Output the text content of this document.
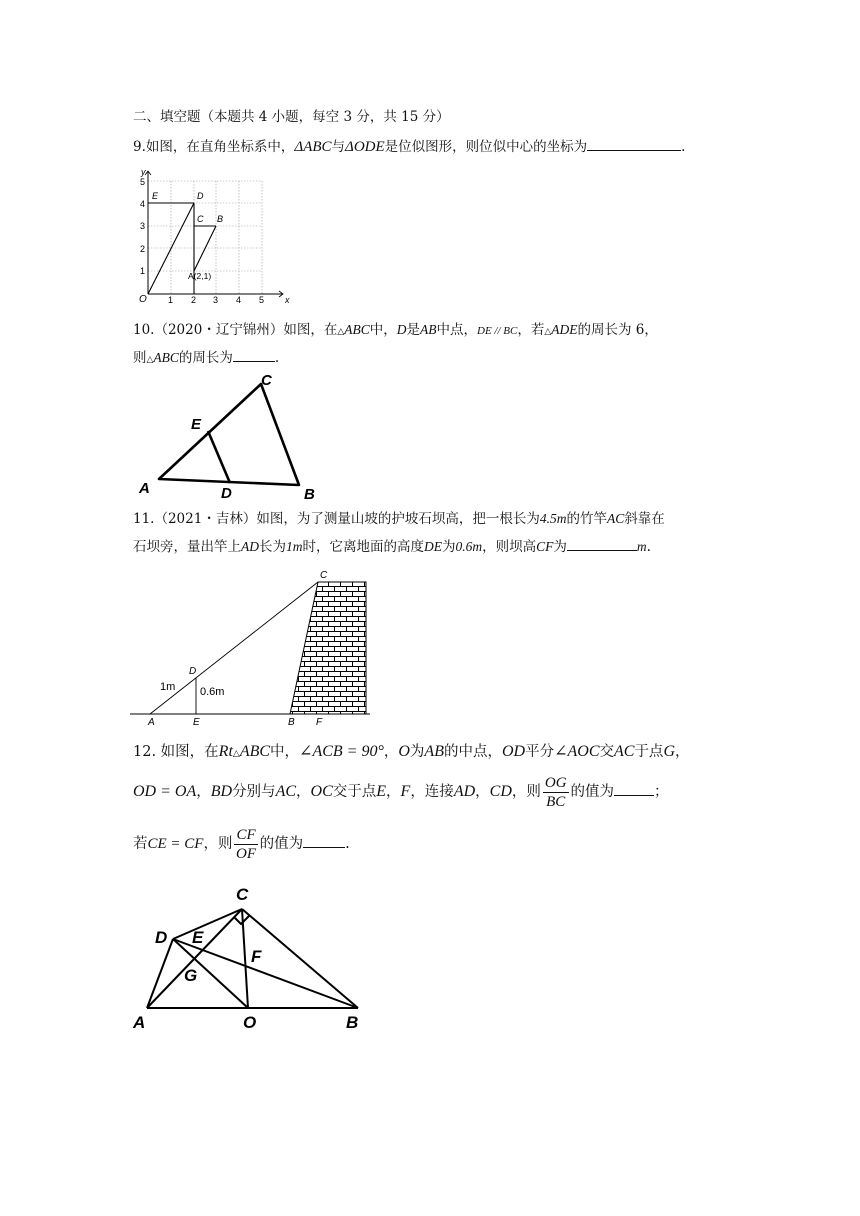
二、填空题（本题共 4 小题，每空 3 分，共 15 分）
9.如图，在直角坐标系中，ΔABC与ΔODE是位似图形，则位似中心的坐标为	.
y
x
O 1 2 3 4 5
1
2
3
4
5
E	D
C B
A(2,1)
10.（2020・辽宁锦州）如图，在△ABC中，D是AB中点，DE // BC，若△ADE的周长为 6，
则△ABC的周长为	.
A	B
C
D
E
11.（2021・吉林）如图，为了测量山坡的护坡石坝高，把一根长为4.5m的竹竿AC斜靠在
石坝旁，量出竿上AD长为1m时，它离地面的高度DE为0.6m，则坝高CF为	m.
C
D
A	E	B F
1m 0.6m
12. 如图，在Rt△ABC中，∠ACB = 90°，O为AB的中点，OD平分∠AOC交AC于点G，
OD = OA，BD分别与AC，OC交于点E，F，连接AD，CD，则 $\frac{OG}{BC}$ 的值为	；
若CE = CF，则 $\frac{CF}{OF}$ 的值为	.
C
D E
F
G
A	O	B
